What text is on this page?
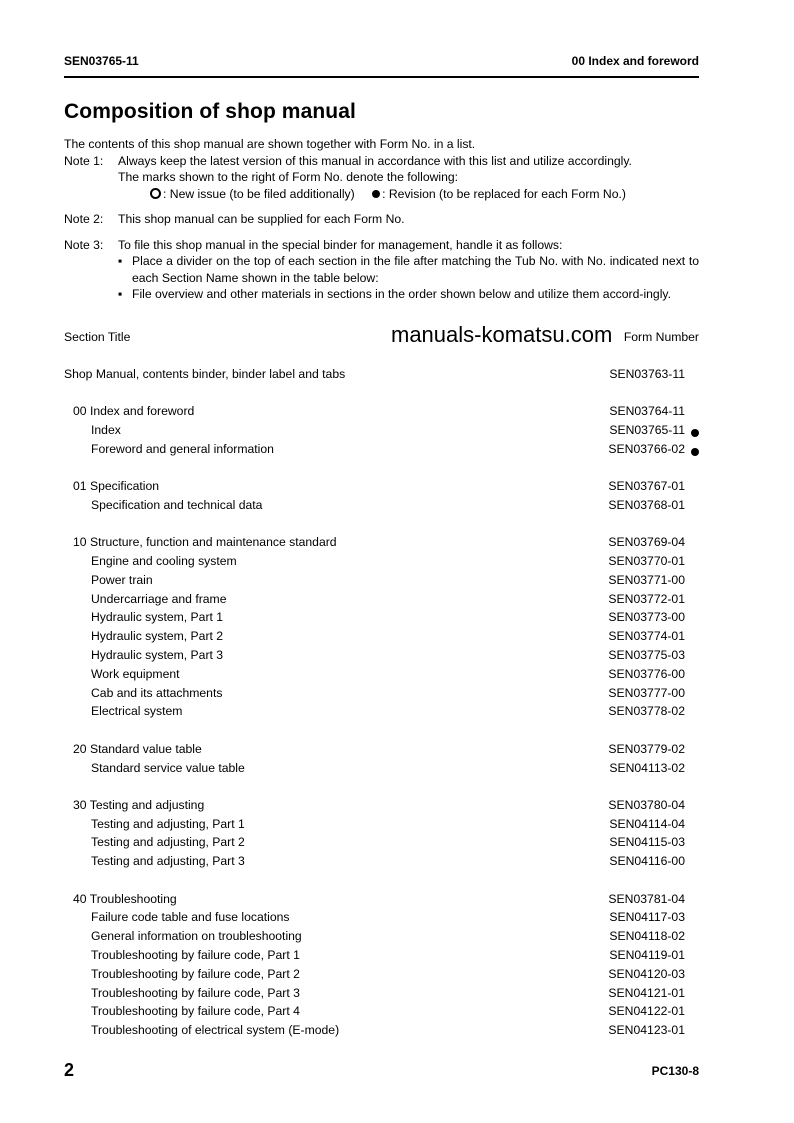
SEN03765-11	00 Index and foreword
Composition of shop manual
The contents of this shop manual are shown together with Form No. in a list.
Note 1: Always keep the latest version of this manual in accordance with this list and utilize accordingly.
The marks shown to the right of Form No. denote the following:
: New issue (to be filed additionally) : Revision (to be replaced for each Form No.)
Note 2: This shop manual can be supplied for each Form No.
Note 3: To file this shop manual in the special binder for management, handle it as follows:
▪ Place a divider on the top of each section in the file after matching the Tub No. with No. indicated next to each Section Name shown in the table below:
▪ File overview and other materials in sections in the order shown below and utilize them accord-ingly.
Section Title	Form Number
manuals-komatsu.com
Shop Manual, contents binder, binder label and tabs	SEN03763-11
00 Index and foreword	SEN03764-11
Index	SEN03765-11
Foreword and general information	SEN03766-02
01 Specification	SEN03767-01
Specification and technical data	SEN03768-01
10 Structure, function and maintenance standard	SEN03769-04
Engine and cooling system	SEN03770-01
Power train	SEN03771-00
Undercarriage and frame	SEN03772-01
Hydraulic system, Part 1	SEN03773-00
Hydraulic system, Part 2	SEN03774-01
Hydraulic system, Part 3	SEN03775-03
Work equipment	SEN03776-00
Cab and its attachments	SEN03777-00
Electrical system	SEN03778-02
20 Standard value table	SEN03779-02
Standard service value table	SEN04113-02
30 Testing and adjusting	SEN03780-04
Testing and adjusting, Part 1	SEN04114-04
Testing and adjusting, Part 2	SEN04115-03
Testing and adjusting, Part 3	SEN04116-00
40 Troubleshooting	SEN03781-04
Failure code table and fuse locations	SEN04117-03
General information on troubleshooting	SEN04118-02
Troubleshooting by failure code, Part 1	SEN04119-01
Troubleshooting by failure code, Part 2	SEN04120-03
Troubleshooting by failure code, Part 3	SEN04121-01
Troubleshooting by failure code, Part 4	SEN04122-01
Troubleshooting of electrical system (E-mode)	SEN04123-01
2	PC130-8
